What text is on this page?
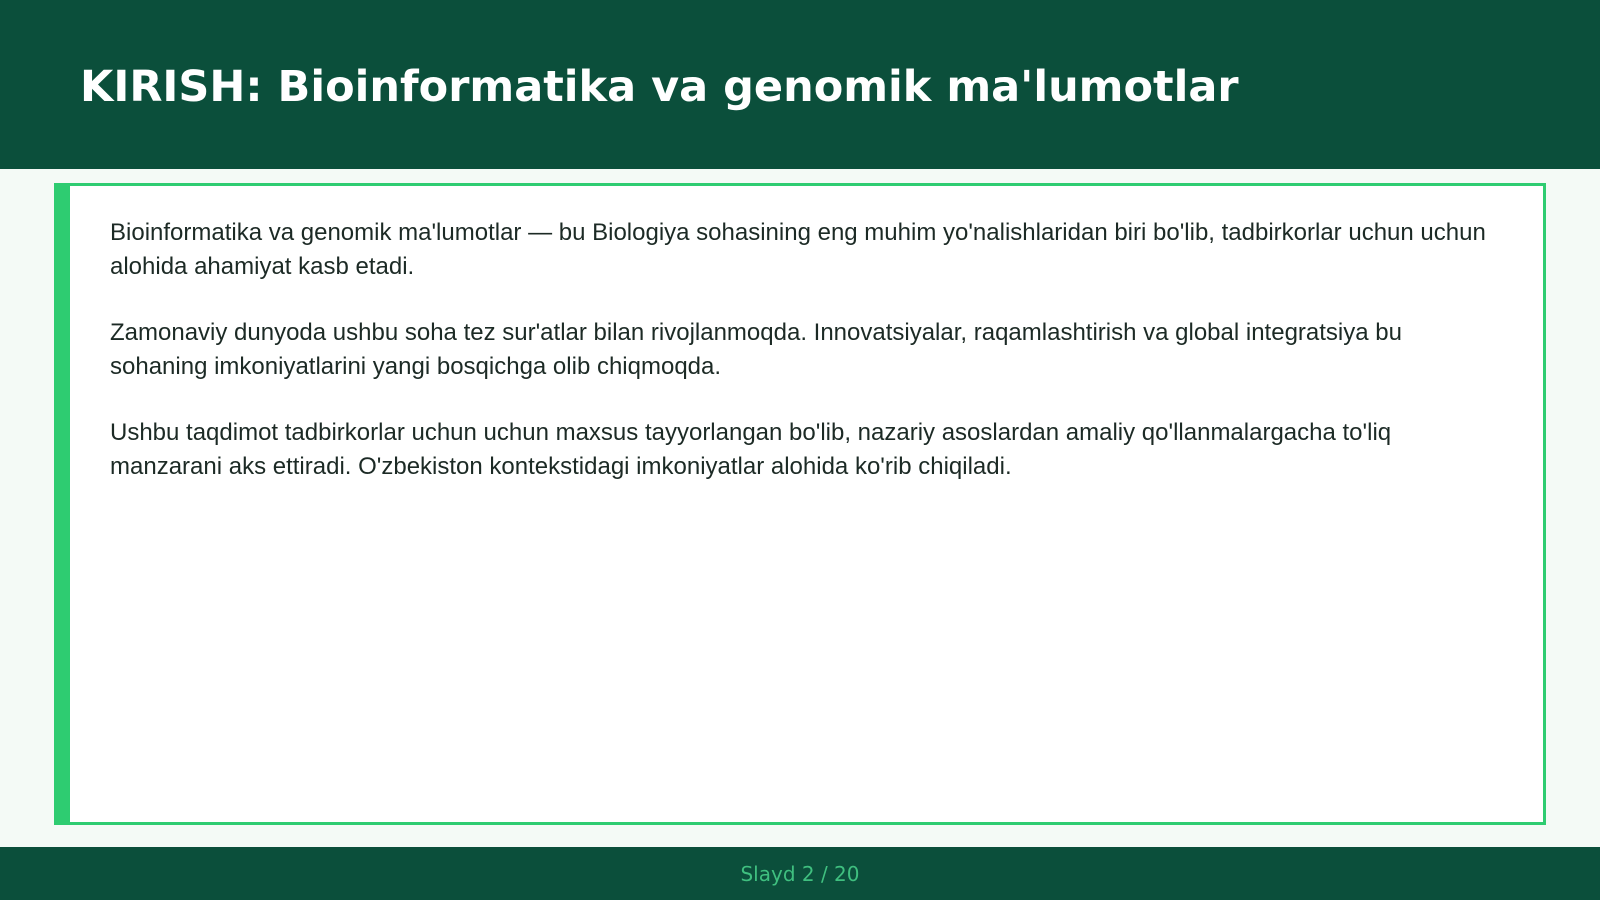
KIRISH: Bioinformatika va genomik ma'lumotlar

Bioinformatika va genomik ma'lumotlar — bu Biologiya sohasining eng muhim yo'nalishlaridan biri bo'lib, tadbirkorlar uchun uchun alohida ahamiyat kasb etadi.

Zamonaviy dunyoda ushbu soha tez sur'atlar bilan rivojlanmoqda. Innovatsiyalar, raqamlashtirish va global integratsiya bu sohaning imkoniyatlarini yangi bosqichga olib chiqmoqda.

Ushbu taqdimot tadbirkorlar uchun uchun maxsus tayyorlangan bo'lib, nazariy asoslardan amaliy qo'llanmalargacha to'liq manzarani aks ettiradi. O'zbekiston kontekstidagi imkoniyatlar alohida ko'rib chiqiladi.

Slayd 2 / 20
